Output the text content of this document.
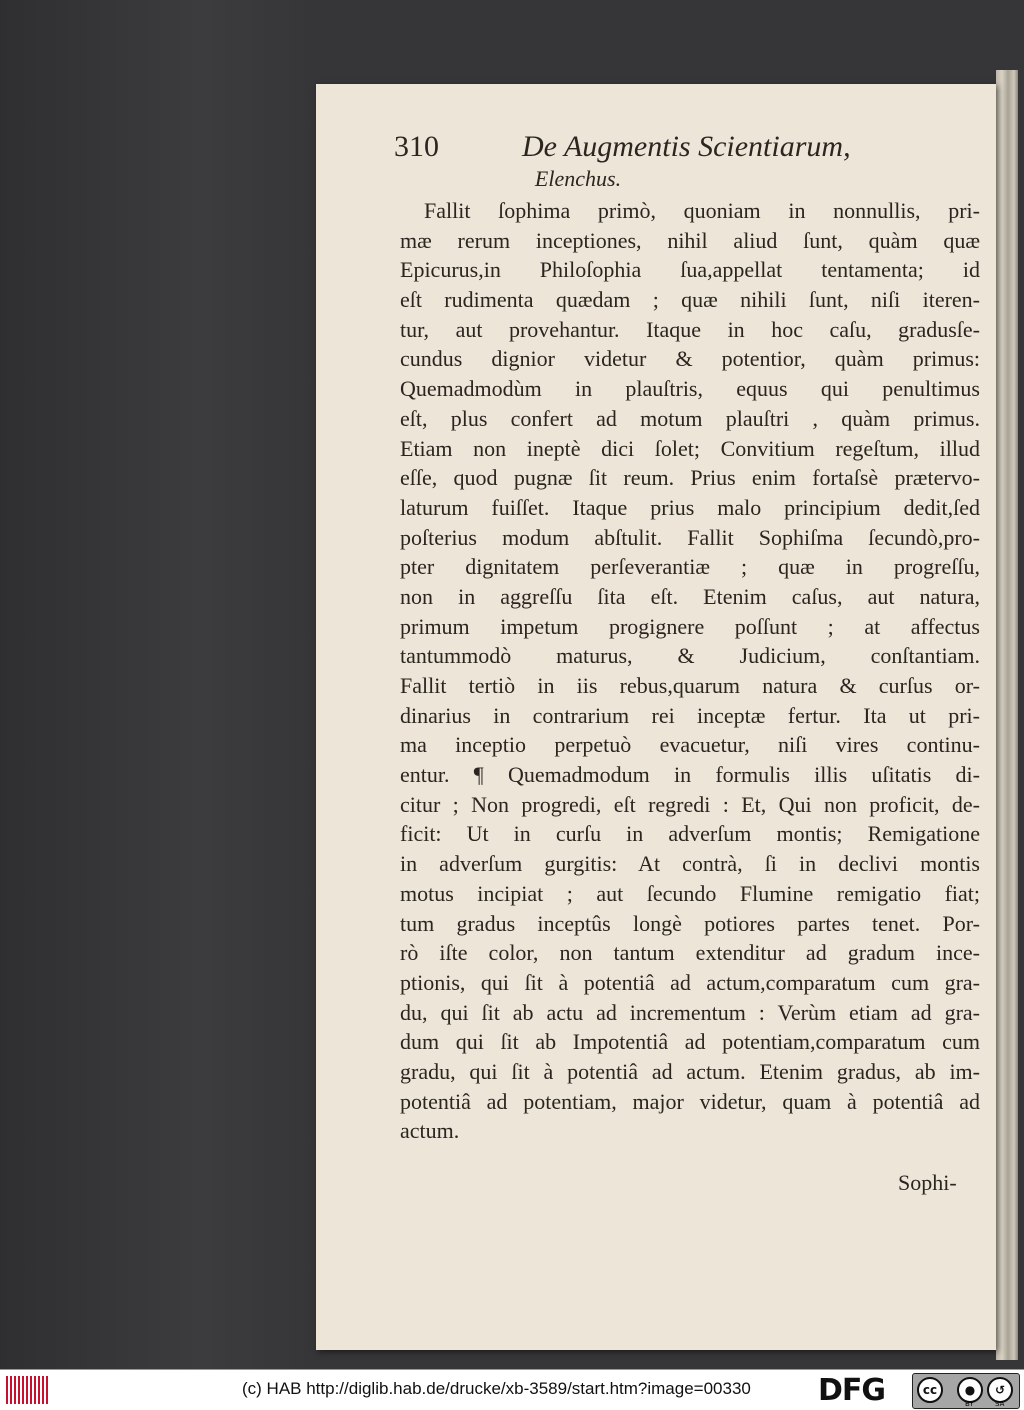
310	De Augmentis Scientiarum,
Elenchus.
Fallit ſophima primò, quoniam in nonnullis, pri-
mæ rerum inceptiones, nihil aliud ſunt, quàm quæ
Epicurus,in Philoſophia ſua,appellat tentamenta; id
eſt rudimenta quædam ; quæ nihili ſunt, niſi iteren-
tur, aut provehantur. Itaque in hoc caſu, gradusſe-
cundus dignior videtur & potentior, quàm primus:
Quemadmodùm in plauſtris, equus qui penultimus
eſt, plus confert ad motum plauſtri , quàm primus.
Etiam non ineptè dici ſolet; Convitium regeſtum, illud
eſſe, quod pugnæ ſit reum. Prius enim fortaſsè prætervo-
laturum fuiſſet. Itaque prius malo principium dedit,ſed
poſterius modum abſtulit. Fallit Sophiſma ſecundò,pro-
pter dignitatem perſeverantiæ ; quæ in progreſſu,
non in aggreſſu ſita eſt. Etenim caſus, aut natura,
primum impetum progignere poſſunt ; at affectus
tantummodò maturus, & Judicium, conſtantiam.
Fallit tertiò in iis rebus,quarum natura & curſus or-
dinarius in contrarium rei inceptæ fertur. Ita ut pri-
ma inceptio perpetuò evacuetur, niſi vires continu-
entur. ¶ Quemadmodum in formulis illis uſitatis di-
citur ; Non progredi, eſt regredi : Et, Qui non proficit, de-
ficit: Ut in curſu in adverſum montis; Remigatione
in adverſum gurgitis: At contrà, ſi in declivi montis
motus incipiat ; aut ſecundo Flumine remigatio fiat;
tum gradus inceptûs longè potiores partes tenet. Por-
rò iſte color, non tantum extenditur ad gradum ince-
ptionis, qui ſit à potentiâ ad actum,comparatum cum gra-
du, qui ſit ab actu ad incrementum : Verùm etiam ad gra-
dum qui ſit ab Impotentiâ ad potentiam,comparatum cum
gradu, qui ſit à potentiâ ad actum. Etenim gradus, ab im-
potentiâ ad potentiam, major videtur, quam à potentiâ ad
actum.
Sophi-
(c) HAB http://diglib.hab.de/drucke/xb-3589/start.htm?image=00330 DFG	cc	●
BY
↺
SA
